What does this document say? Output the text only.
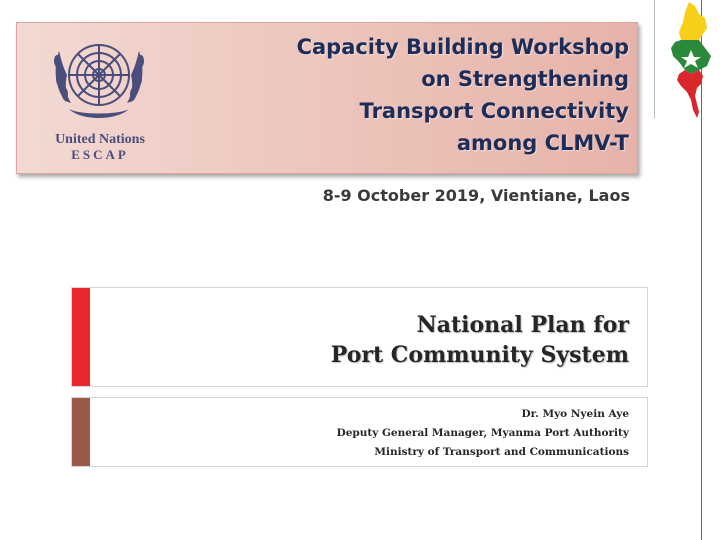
United Nations
ESCAP
Capacity Building Workshop
on Strengthening
Transport Connectivity
among CLMV-T
8-9 October 2019, Vientiane, Laos
National Plan for
Port Community System
Dr. Myo Nyein Aye
Deputy General Manager, Myanma Port Authority
Ministry of Transport and Communications
